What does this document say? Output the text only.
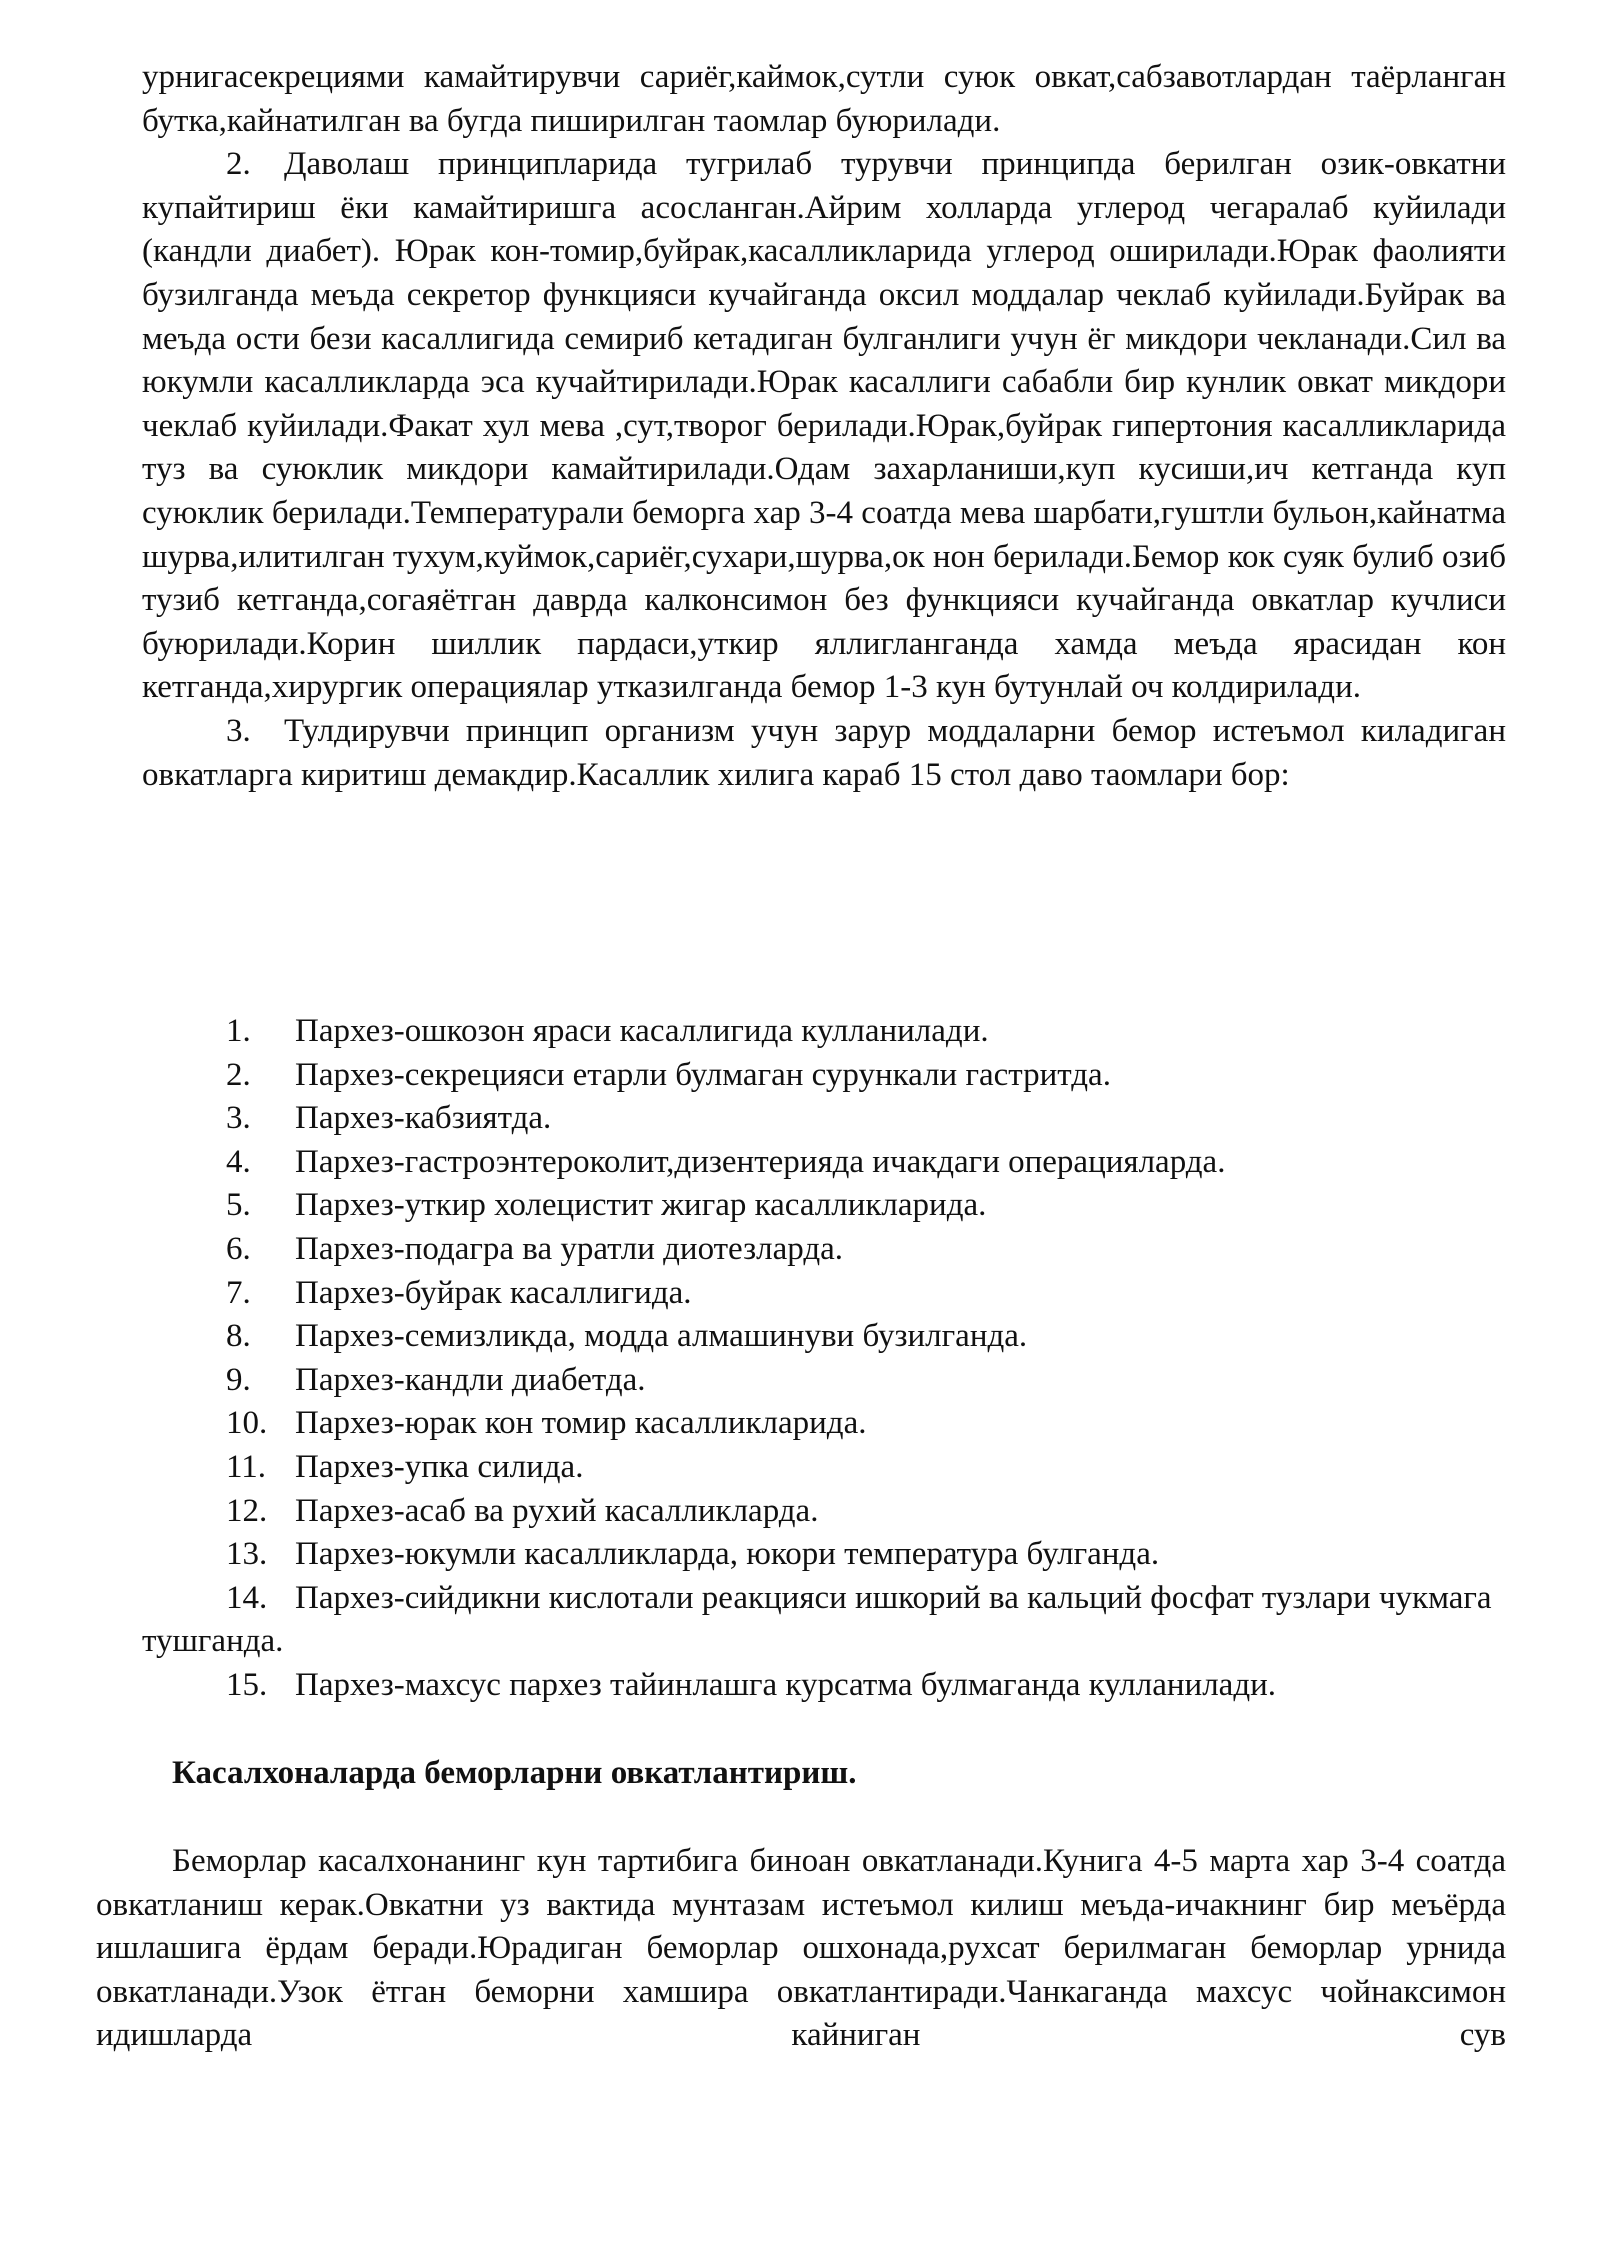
урнигасекрециями камайтирувчи сариёг,каймок,сутли суюк овкат,сабзавотлардан таёрланган бутка,кайнатилган ва бугда пиширилган таомлар буюрилади.

2. Даволаш принципларида тугрилаб турувчи принципда берилган озик-овкатни купайтириш ёки камайтиришга асосланган.Айрим холларда углерод чегаралаб куйилади (кандли диабет). Юрак кон-томир,буйрак,касалликларида углерод оширилади.Юрак фаолияти бузилганда меъда секретор функцияси кучайганда оксил моддалар чеклаб куйилади.Буйрак ва меъда ости бези касаллигида семириб кетадиган булганлиги учун ёг микдори чекланади.Сил ва юкумли касалликларда эса кучайтирилади.Юрак касаллиги сабабли бир кунлик овкат микдори чеклаб куйилади.Факат хул мева ,сут,творог берилади.Юрак,буйрак гипертония касалликларида туз ва суюклик микдори камайтирилади.Одам захарланиши,куп кусиши,ич кетганда куп суюклик берилади.Температурали беморга хар 3-4 соатда мева шарбати,гуштли бульон,кайнатма шурва,илитилган тухум,куймок,сариёг,сухари,шурва,ок нон берилади.Бемор кок суяк булиб озиб тузиб кетганда,согаяётган даврда калконсимон без функцияси кучайганда овкатлар кучлиси буюрилади.Корин шиллик пардаси,уткир яллигланганда хамда меъда ярасидан кон кетганда,хирургик операциялар утказилганда бемор 1-3 кун бутунлай оч колдирилади.

3. Тулдирувчи принцип организм учун зарур моддаларни бемор истеъмол киладиган овкатларга киритиш демакдир.Касаллик хилига караб 15 стол даво таомлари бор:

1. Пархез-ошкозон яраси касаллигида кулланилади.
2. Пархез-секрецияси етарли булмаган сурункали гастритда.
3. Пархез-кабзиятда.
4. Пархез-гастроэнтероколит,дизентерияда ичакдаги операцияларда.
5. Пархез-уткир холецистит жигар касалликларида.
6. Пархез-подагра ва уратли диотезларда.
7. Пархез-буйрак касаллигида.
8. Пархез-семизликда, модда алмашинуви бузилганда.
9. Пархез-кандли диабетда.
10. Пархез-юрак кон томир касалликларида.
11. Пархез-упка силида.
12. Пархез-асаб ва рухий касалликларда.
13. Пархез-юкумли касалликларда, юкори температура булганда.
14. Пархез-сийдикни кислотали реакцияси ишкорий ва кальций фосфат тузлари чукмага тушганда.
15. Пархез-махсус пархез тайинлашга курсатма булмаганда кулланилади.
Касалхоналарда беморларни овкатлантириш.

Беморлар касалхонанинг кун тартибига биноан овкатланади.Кунига 4-5 марта хар 3-4 соатда овкатланиш керак.Овкатни уз вактида мунтазам истеъмол килиш меъда-ичакнинг бир меъёрда ишлашига ёрдам беради.Юрадиган беморлар ошхонада,рухсат берилмаган беморлар урнида овкатланади.Узок ётган беморни хамшира овкатлантиради.Чанкаганда махсус чойнаксимон идишларда кайниган сув
